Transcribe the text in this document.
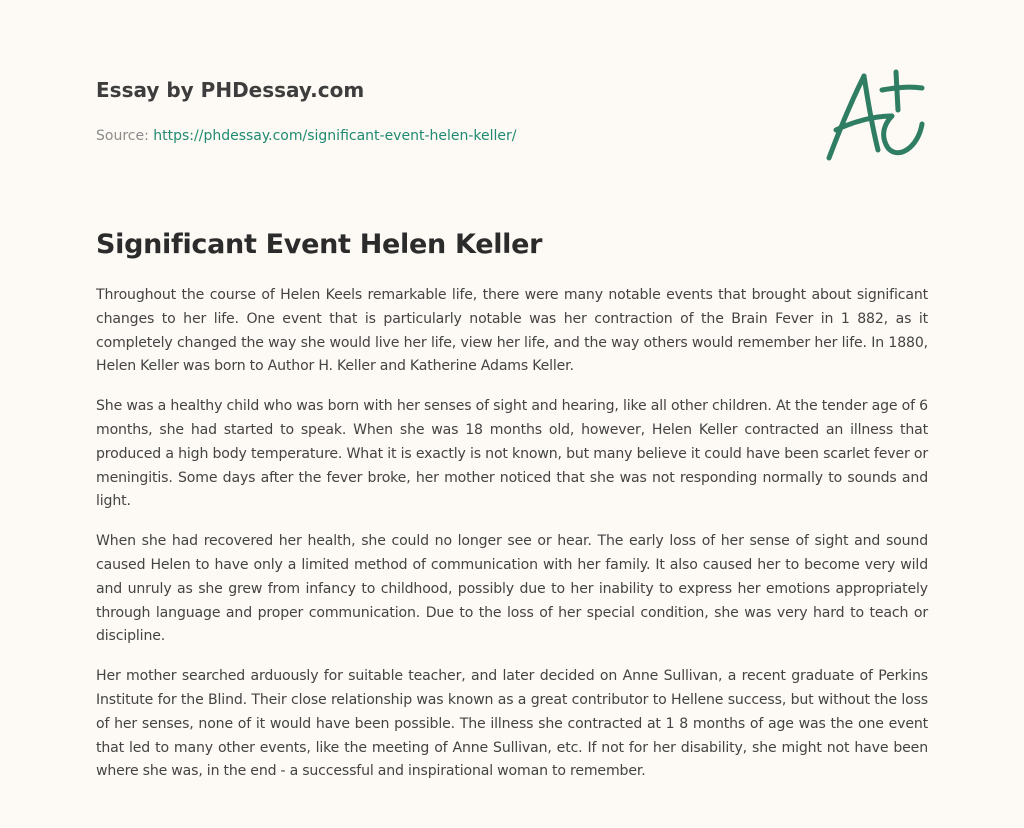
Essay by PHDessay.com
Source: https://phdessay.com/significant-event-helen-keller/
Significant Event Helen Keller

Throughout the course of Helen Keels remarkable life, there were many notable events that brought about significant changes to her life. One event that is particularly notable was her contraction of the Brain Fever in 1 882, as it completely changed the way she would live her life, view her life, and the way others would remember her life. In 1880, Helen Keller was born to Author H. Keller and Katherine Adams Keller.

She was a healthy child who was born with her senses of sight and hearing, like all other children. At the tender age of 6 months, she had started to speak. When she was 18 months old, however, Helen Keller contracted an illness that produced a high body temperature. What it is exactly is not known, but many believe it could have been scarlet fever or meningitis. Some days after the fever broke, her mother noticed that she was not responding normally to sounds and light.

When she had recovered her health, she could no longer see or hear. The early loss of her sense of sight and sound caused Helen to have only a limited method of communication with her family. It also caused her to become very wild and unruly as she grew from infancy to childhood, possibly due to her inability to express her emotions appropriately through language and proper communication. Due to the loss of her special condition, she was very hard to teach or discipline.

Her mother searched arduously for suitable teacher, and later decided on Anne Sullivan, a recent graduate of Perkins Institute for the Blind. Their close relationship was known as a great contributor to Hellene success, but without the loss of her senses, none of it would have been possible. The illness she contracted at 1 8 months of age was the one event that led to many other events, like the meeting of Anne Sullivan, etc. If not for her disability, she might not have been where she was, in the end - a successful and inspirational woman to remember.
